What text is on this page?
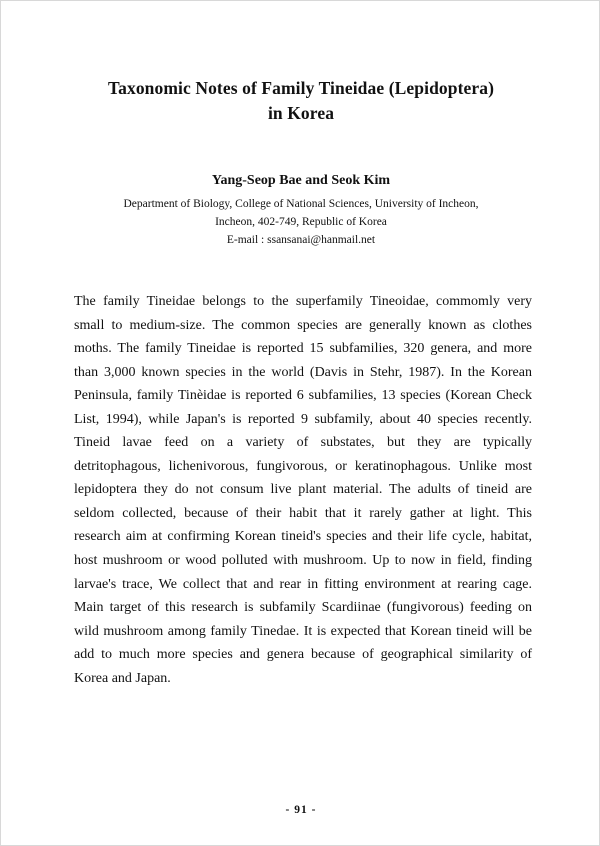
Taxonomic Notes of Family Tineidae (Lepidoptera)
in Korea
Yang-Seop Bae and Seok Kim
Department of Biology, College of National Sciences, University of Incheon,
Incheon, 402-749, Republic of Korea
E-mail : ssansanai@hanmail.net
The family Tineidae belongs to the superfamily Tineoidae, commomly very
small to medium-size. The common species are generally known as clothes
moths. The family Tineidae is reported 15 subfamilies, 320 genera, and more
than 3,000 known species in the world (Davis in Stehr, 1987). In the Korean
Peninsula, family Tinèidae is reported 6 subfamilies, 13 species (Korean Check
List, 1994), while Japan's is reported 9 subfamily, about 40 species recently.
Tineid lavae feed on a variety of substates, but they are typically
detritophagous, lichenivorous, fungivorous, or keratinophagous. Unlike most
lepidoptera they do not consum live plant material. The adults of tineid are
seldom collected, because of their habit that it rarely gather at light. This
research aim at confirming Korean tineid's species and their life cycle, habitat,
host mushroom or wood polluted with mushroom. Up to now in field, finding
larvae's trace, We collect that and rear in fitting environment at rearing cage.
Main target of this research is subfamily Scardiinae (fungivorous) feeding on
wild mushroom among family Tinedae. It is expected that Korean tineid will be
add to much more species and genera because of geographical similarity of
Korea and Japan.
- 91 -
